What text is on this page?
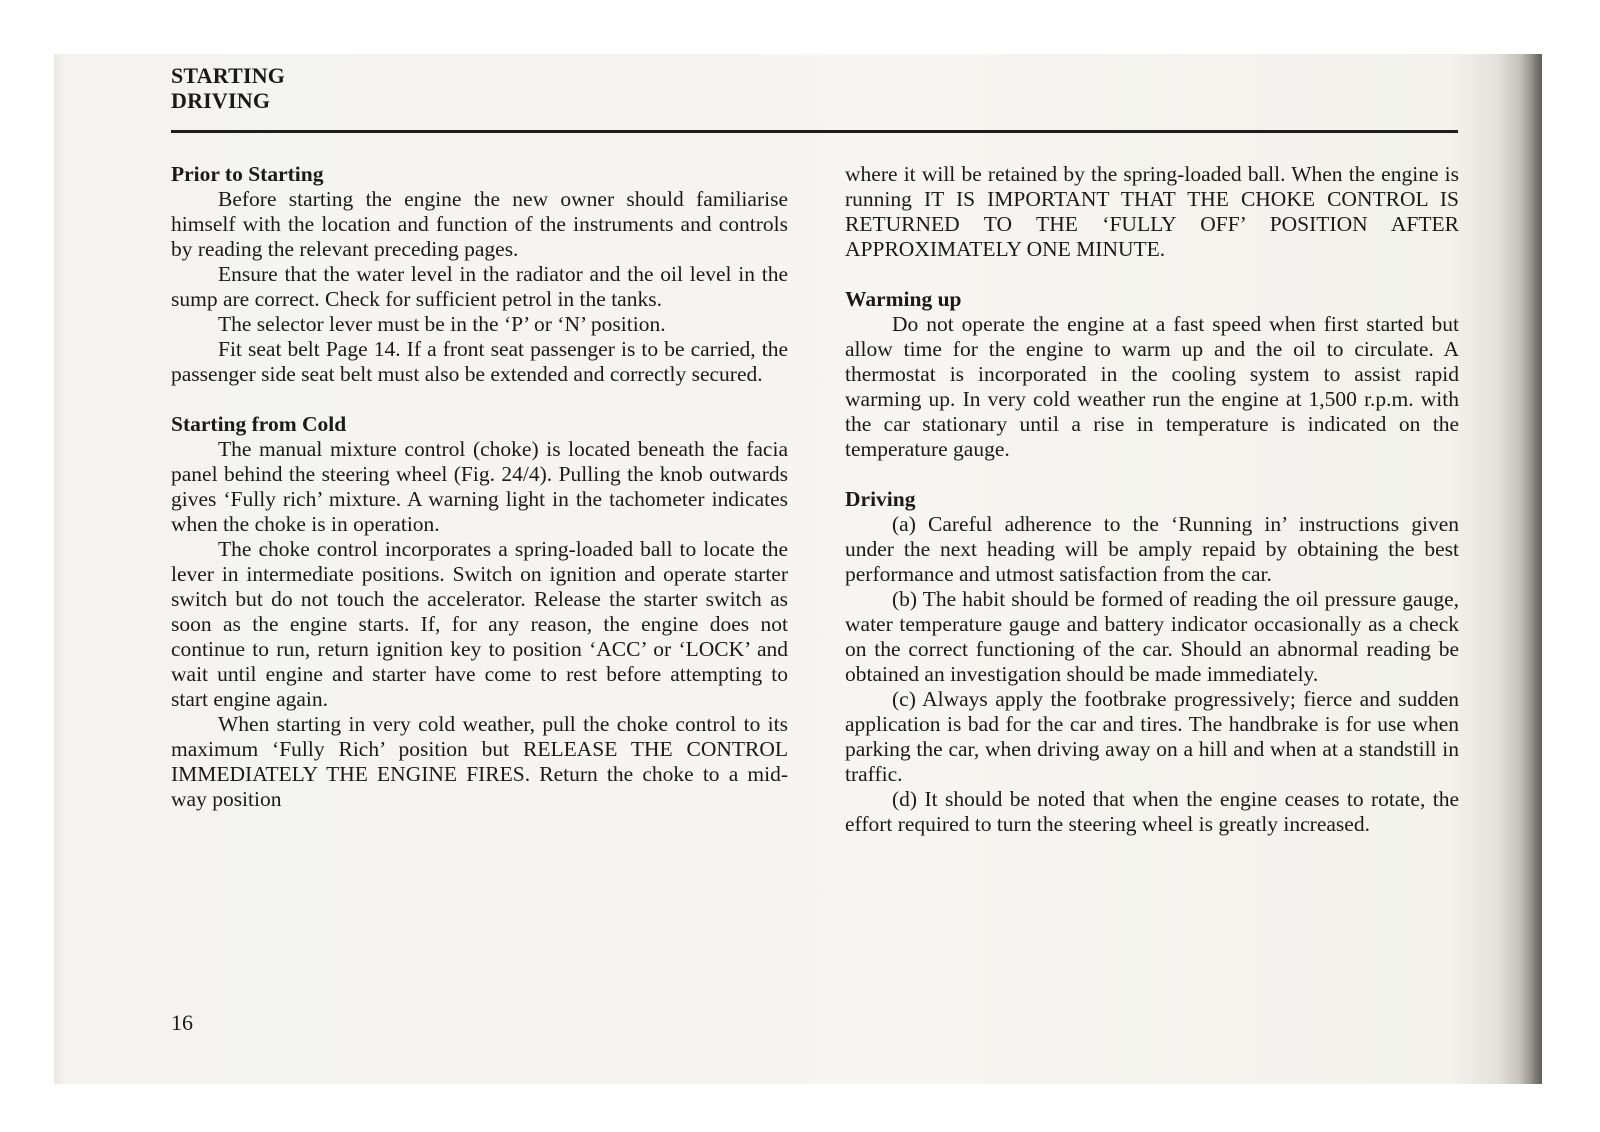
STARTING
DRIVING

Prior to Starting

Before starting the engine the new owner should familiarise himself with the location and function of the instruments and controls by reading the relevant preceding pages.

Ensure that the water level in the radiator and the oil level in the sump are correct. Check for sufficient petrol in the tanks.

The selector lever must be in the ‘P’ or ‘N’ position.

Fit seat belt Page 14. If a front seat passenger is to be carried, the passenger side seat belt must also be extended and correctly secured.

Starting from Cold

The manual mixture control (choke) is located beneath the facia panel behind the steering wheel (Fig. 24/4). Pulling the knob outwards gives ‘Fully rich’ mixture. A warning light in the tachometer indicates when the choke is in operation.

The choke control incorporates a spring-loaded ball to locate the lever in intermediate positions. Switch on ignition and operate starter switch but do not touch the accelerator. Release the starter switch as soon as the engine starts. If, for any reason, the engine does not continue to run, return ignition key to position ‘ACC’ or ‘LOCK’ and wait until engine and starter have come to rest before attempting to start engine again.

When starting in very cold weather, pull the choke control to its maximum ‘Fully Rich’ position but RELEASE THE CONTROL IMMEDIATELY THE ENGINE FIRES. Return the choke to a mid-way position

where it will be retained by the spring-loaded ball. When the engine is running IT IS IMPORTANT THAT THE CHOKE CONTROL IS RETURNED TO THE ‘FULLY OFF’ POSITION AFTER APPROXIMATELY ONE MINUTE.

Warming up

Do not operate the engine at a fast speed when first started but allow time for the engine to warm up and the oil to circulate. A thermostat is incorporated in the cooling system to assist rapid warming up. In very cold weather run the engine at 1,500 r.p.m. with the car stationary until a rise in temperature is indicated on the temperature gauge.

Driving

(a) Careful adherence to the ‘Running in’ instructions given under the next heading will be amply repaid by obtaining the best performance and utmost satisfaction from the car.

(b) The habit should be formed of reading the oil pressure gauge, water temperature gauge and battery indicator occasionally as a check on the correct functioning of the car. Should an abnormal reading be obtained an investigation should be made immediately.

(c) Always apply the footbrake progressively; fierce and sudden application is bad for the car and tires. The handbrake is for use when parking the car, when driving away on a hill and when at a standstill in traffic.

(d) It should be noted that when the engine ceases to rotate, the effort required to turn the steering wheel is greatly increased.

16
